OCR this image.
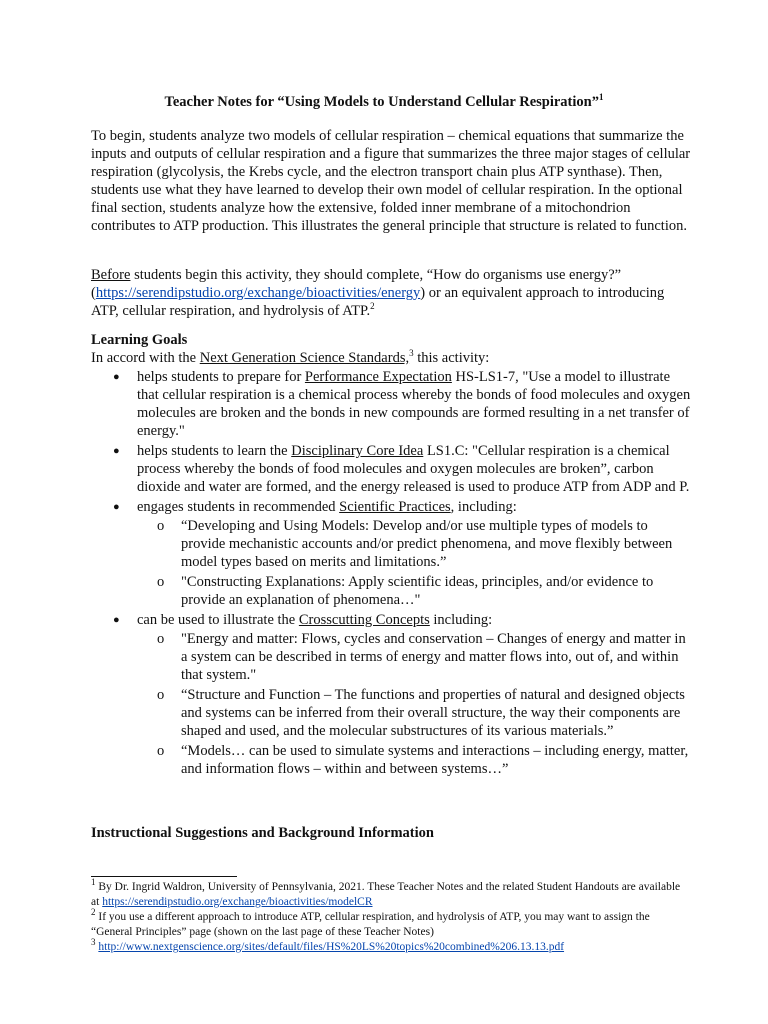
Teacher Notes for “Using Models to Understand Cellular Respiration”$^1$

To begin, students analyze two models of cellular respiration – chemical equations that summarize the inputs and outputs of cellular respiration and a figure that summarizes the three major stages of cellular respiration (glycolysis, the Krebs cycle, and the electron transport chain plus ATP synthase). Then, students use what they have learned to develop their own model of cellular respiration. In the optional final section, students analyze how the extensive, folded inner membrane of a mitochondrion contributes to ATP production. This illustrates the general principle that structure is related to function.

Before students begin this activity, they should complete, “How do organisms use energy?” (https://serendipstudio.org/exchange/bioactivities/energy) or an equivalent approach to introducing ATP, cellular respiration, and hydrolysis of ATP.$^2$

Learning Goals

In accord with the Next Generation Science Standards,$^3$ this activity:

● helps students to prepare for Performance Expectation HS-LS1-7, "Use a model to illustrate that cellular respiration is a chemical process whereby the bonds of food molecules and oxygen molecules are broken and the bonds in new compounds are formed resulting in a net transfer of energy."
● helps students to learn the Disciplinary Core Idea LS1.C: "Cellular respiration is a chemical process whereby the bonds of food molecules and oxygen molecules are broken”, carbon dioxide and water are formed, and the energy released is used to produce ATP from ADP and P.
● engages students in recommended Scientific Practices, including:
o “Developing and Using Models: Develop and/or use multiple types of models to provide mechanistic accounts and/or predict phenomena, and move flexibly between model types based on merits and limitations.”
o "Constructing Explanations: Apply scientific ideas, principles, and/or evidence to provide an explanation of phenomena…"
● can be used to illustrate the Crosscutting Concepts including:
o "Energy and matter: Flows, cycles and conservation – Changes of energy and matter in a system can be described in terms of energy and matter flows into, out of, and within that system."
o “Structure and Function – The functions and properties of natural and designed objects and systems can be inferred from their overall structure, the way their components are shaped and used, and the molecular substructures of its various materials.”
o “Models… can be used to simulate systems and interactions – including energy, matter, and information flows – within and between systems…”

Instructional Suggestions and Background Information

$^1$ By Dr. Ingrid Waldron, University of Pennsylvania, 2021. These Teacher Notes and the related Student Handouts are available at https://serendipstudio.org/exchange/bioactivities/modelCR

$^2$ If you use a different approach to introduce ATP, cellular respiration, and hydrolysis of ATP, you may want to assign the “General Principles” page (shown on the last page of these Teacher Notes)

$^3$ http://www.nextgenscience.org/sites/default/files/HS%20LS%20topics%20combined%206.13.13.pdf
